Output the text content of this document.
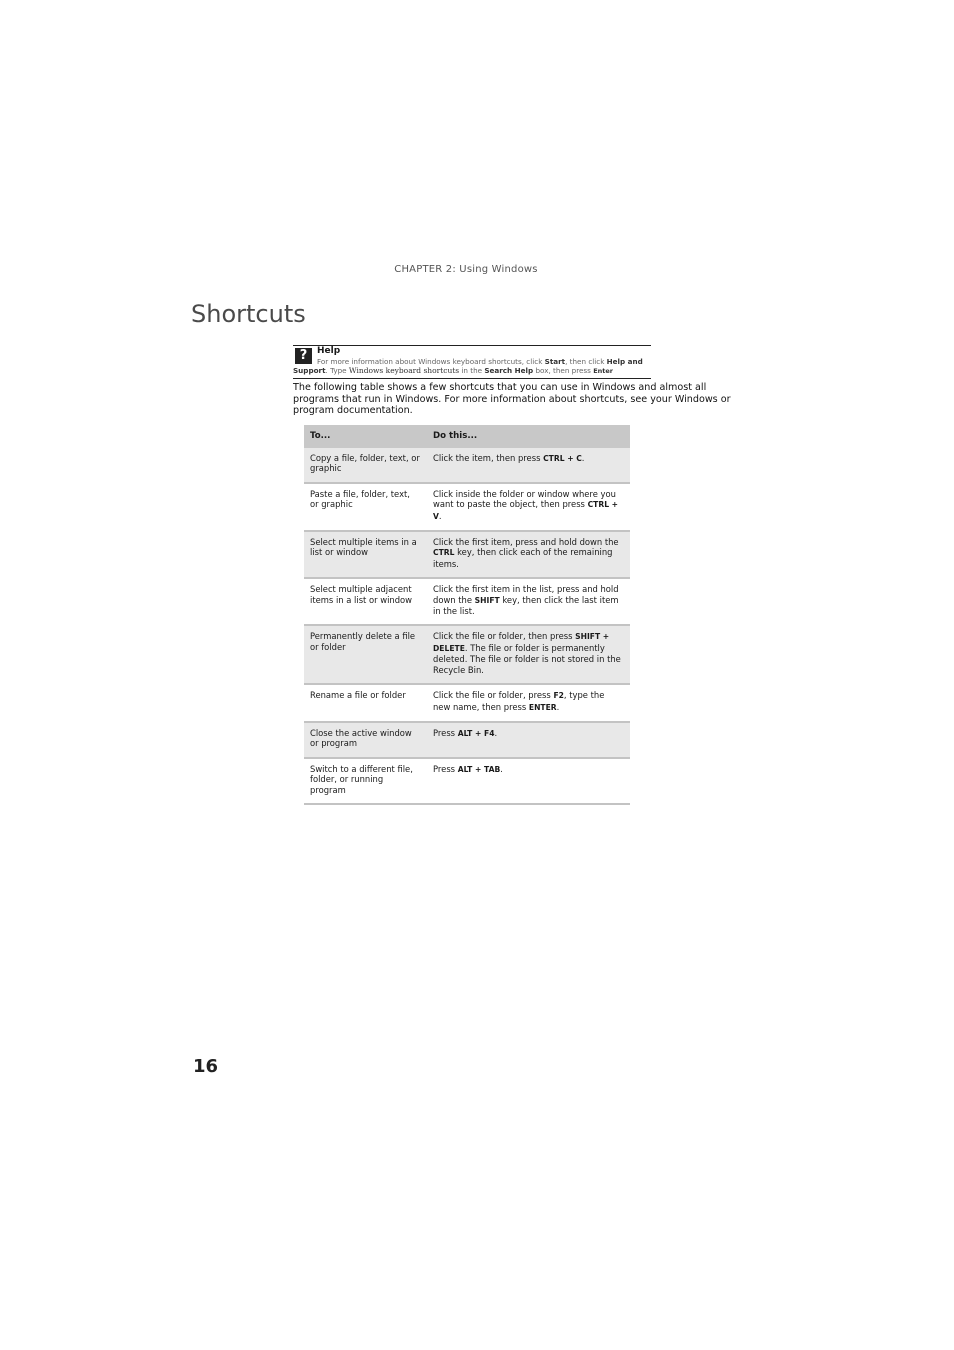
CHAPTER 2: Using Windows
Shortcuts
?	Help

For more information about Windows keyboard shortcuts, click Start, then click Help and Support. Type Windows keyboard shortcuts in the Search Help box, then press Enter

The following table shows a few shortcuts that you can use in Windows and almost all programs that run in Windows. For more information about shortcuts, see your Windows or program documentation.

To...	Do this...
Copy a file, folder, text, or graphic	Click the item, then press CTRL + C.
Paste a file, folder, text, or graphic	Click inside the folder or window where you want to paste the object, then press CTRL + V.
Select multiple items in a list or window	Click the first item, press and hold down the CTRL key, then click each of the remaining items.
Select multiple adjacent items in a list or window	Click the first item in the list, press and hold down the SHIFT key, then click the last item in the list.
Permanently delete a file or folder	Click the file or folder, then press SHIFT + DELETE. The file or folder is permanently deleted. The file or folder is not stored in the Recycle Bin.
Rename a file or folder	Click the file or folder, press F2, type the new name, then press ENTER.
Close the active window or program	Press ALT + F4.
Switch to a different file, folder, or running program	Press ALT + TAB.
16
